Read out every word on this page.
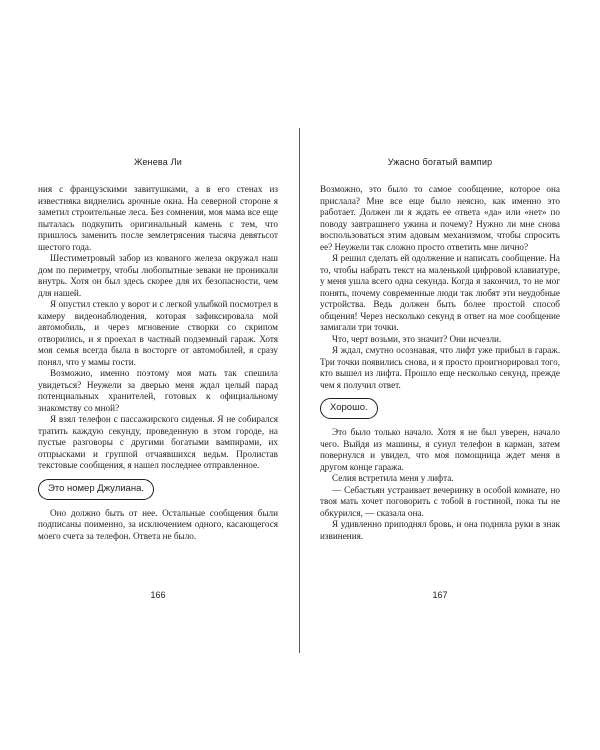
Женева Ли

ния с французскими завитушками, а в его стенах из известняка виднелись арочные окна. На северной стороне я заметил строительные леса. Без сомнения, моя мама все еще пыталась подкупить оригинальный камень с тем, что пришлось заменить после землетрясения тысяча девятьсот шестого года.

Шестиметровый забор из кованого железа окружал наш дом по периметру, чтобы любопытные зеваки не проникали внутрь. Хотя он был здесь скорее для их безопасности, чем для нашей.

Я опустил стекло у ворот и с легкой улыбкой посмотрел в камеру видеонаблюдения, которая зафиксировала мой автомобиль, и через мгновение створки со скрипом отворились, и я проехал в частный подземный гараж. Хотя моя семья всегда была в восторге от автомобилей, я сразу понял, что у мамы гости.

Возможно, именно поэтому моя мать так спешила увидеться? Неужели за дверью меня ждал целый парад потенциальных хранителей, готовых к официальному знакомству со мной?

Я взял телефон с пассажирского сиденья. Я не собирался тратить каждую секунду, проведенную в этом городе, на пустые разговоры с другими богатыми вампирами, их отпрысками и группой отчаявшихся ведьм. Пролистав текстовые сообщения, я нашел последнее отправленное.

Это номер Джулиана.

Оно должно быть от нее. Остальные сообщения были подписаны поименно, за исключением одного, касающегося моего счета за телефон. Ответа не было.

166
Ужасно богатый вампир

Возможно, это было то самое сообщение, которое она прислала? Мне все еще было неясно, как именно это работает. Должен ли я ждать ее ответа «да» или «нет» по поводу завтрашнего ужина и почему? Нужно ли мне снова воспользоваться этим адовым механизмом, чтобы спросить ее? Неужели так сложно просто ответить мне лично?

Я решил сделать ей одолжение и написать сообщение. На то, чтобы набрать текст на маленькой цифровой клавиатуре, у меня ушла всего одна секунда. Когда я закончил, то не мог понять, почему современные люди так любят эти неудобные устройства. Ведь должен быть более простой способ общения! Через несколько секунд в ответ на мое сообщение замигали три точки.

Что, черт возьми, это значит? Они исчезли.

Я ждал, смутно осознавая, что лифт уже прибыл в гараж. Три точки появились снова, и я просто проигнорировал того, кто вышел из лифта. Прошло еще несколько секунд, прежде чем я получил ответ.

Хорошо.

Это было только начало. Хотя я не был уверен, начало чего. Выйдя из машины, я сунул телефон в карман, затем повернулся и увидел, что моя помощница ждет меня в другом конце гаража.

Селия встретила меня у лифта.

— Себастьян устраивает вечеринку в особой комнате, но твоя мать хочет поговорить с тобой в гостиной, пока ты не обкурился, — сказала она.

Я удивленно приподнял бровь, и она подняла руки в знак извинения.

167
